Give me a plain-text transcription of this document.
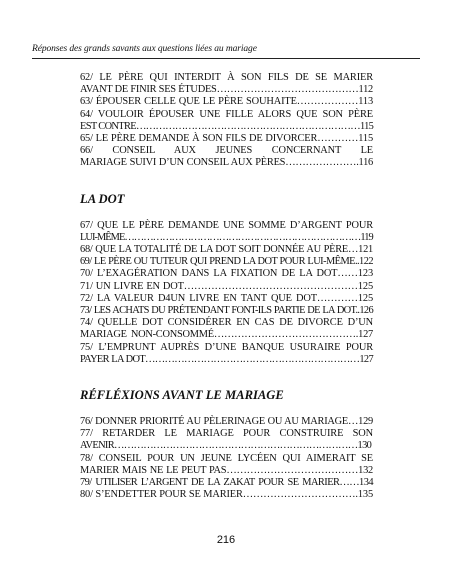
Réponses des grands savants aux questions liées au mariage
62/ LE PÈRE QUI INTERDIT À SON FILS DE SE MARIER
AVANT DE FINIR SES ÉTUDES……………………………………112
63/ ÉPOUSER CELLE QUE LE PÈRE SOUHAITE………………113
64/ VOULOIR ÉPOUSER UNE FILLE ALORS QUE SON PÈRE
EST CONTRE……………………………………………………………115
65/ LE PÈRE DEMANDE À SON FILS DE DIVORCER…………115
66/ CONSEIL AUX JEUNES CONCERNANT LE
MARIAGE SUIVI D’UN CONSEIL AUX PÈRES………………….116
LA DOT
67/ QUE LE PÈRE DEMANDE UNE SOMME D’ARGENT POUR
LUI-MÊME…………………………………………………………………119
68/ QUE LA TOTALITÉ DE LA DOT SOIT DONNÉE AU PÈRE…121
69/ LE PÈRE OU TUTEUR QUI PREND LA DOT POUR LUI-MÊME..122
70/ L’EXAGÉRATION DANS LA FIXATION DE LA DOT……123
71/ UN LIVRE EN DOT……………………………………………125
72/ LA VALEUR D4UN LIVRE EN TANT QUE DOT…………125
73/ LES ACHATS DU PRÉTENDANT FONT-ILS PARTIE DE LA DOT..126
74/ QUELLE DOT CONSIDÉRER EN CAS DE DIVORCE D’UN
MARIAGE NON-CONSOMMÉ…………………………………….127
75/ L’EMPRUNT AUPRÈS D’UNE BANQUE USURAIRE POUR
PAYER LA DOT…………………………………………………………127
RÉFLÉXIONS AVANT LE MARIAGE
76/ DONNER PRIORITÉ AU PÈLERINAGE OU AU MARIAGE…129
77/ RETARDER LE MARIAGE POUR CONSTRUIRE SON
AVENIR…………………………………………………………………130
78/ CONSEIL POUR UN JEUNE LYCÉEN QUI AIMERAIT SE
MARIER MAIS NE LE PEUT PAS…………………………………132
79/ UTILISER L’ARGENT DE LA ZAKAT POUR SE MARIER……134
80/ S’ENDETTER POUR SE MARIER…………………………….135
216
